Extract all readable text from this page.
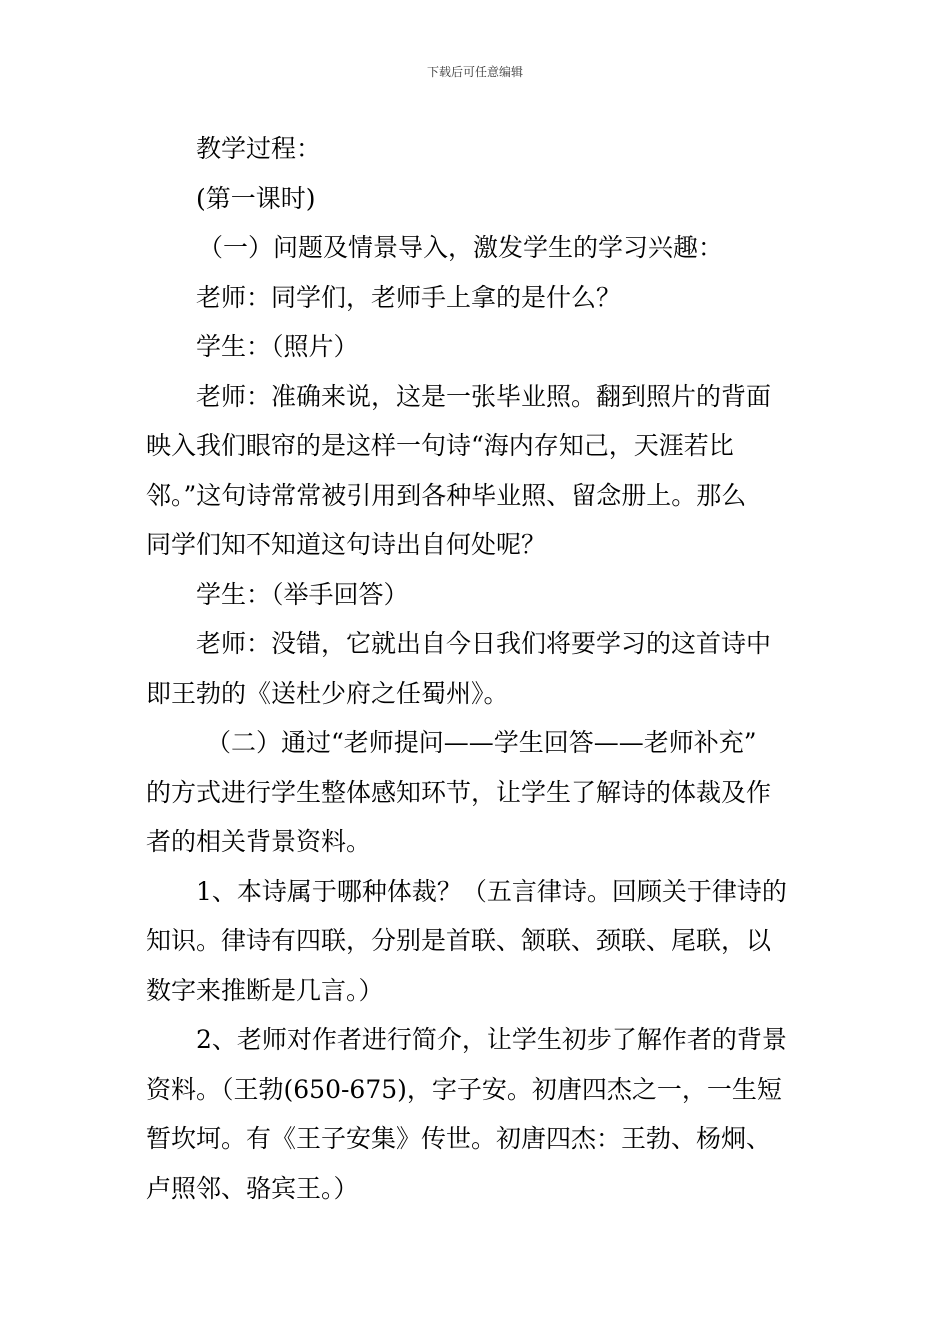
下载后可任意编辑

教学过程：

(第一课时)

（一）问题及情景导入，激发学生的学习兴趣：

老师：同学们，老师手上拿的是什么？

学生：（照片）

老师：准确来说，这是一张毕业照。翻到照片的背面

映入我们眼帘的是这样一句诗“海内存知己，天涯若比

邻。”这句诗常常被引用到各种毕业照、留念册上。那么

同学们知不知道这句诗出自何处呢？

学生：（举手回答）

老师：没错，它就出自今日我们将要学习的这首诗中

即王勃的《送杜少府之任蜀州》。

（二）通过“老师提问——学生回答——老师补充”

的方式进行学生整体感知环节，让学生了解诗的体裁及作

者的相关背景资料。

1、本诗属于哪种体裁？（五言律诗。回顾关于律诗的

知识。律诗有四联，分别是首联、颔联、颈联、尾联，以

数字来推断是几言。）

2、老师对作者进行简介，让学生初步了解作者的背景

资料。（王勃(650-675)，字子安。初唐四杰之一，一生短

暂坎坷。有《王子安集》传世。初唐四杰：王勃、杨炯、

卢照邻、骆宾王。）
